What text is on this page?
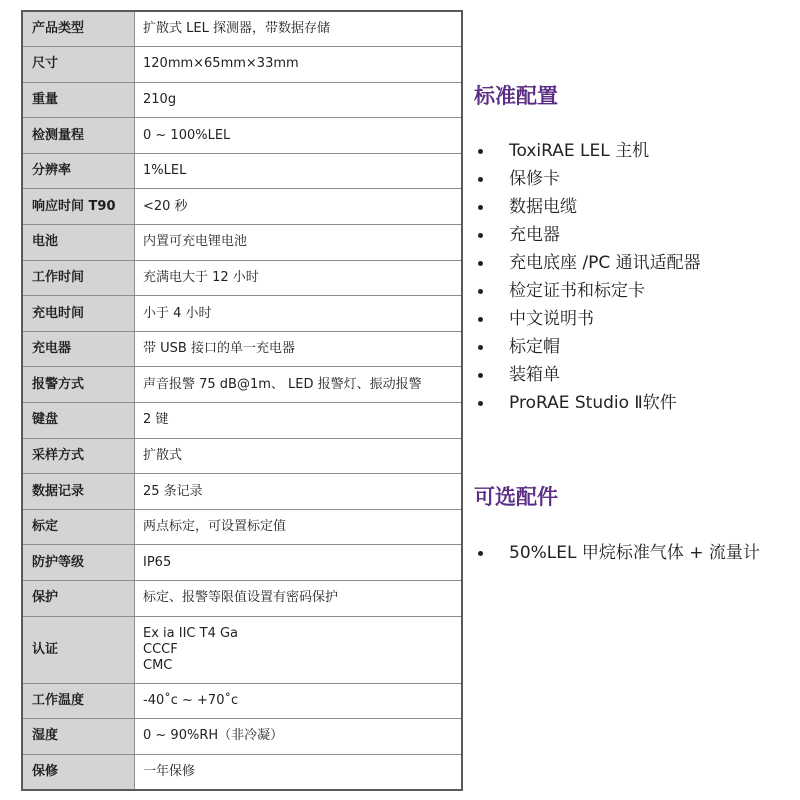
产品类型	扩散式 LEL 探测器，带数据存储

尺寸	120mm×65mm×33mm

重量	210g

检测量程	0 ~ 100%LEL

分辨率	1%LEL

响应时间 T90	<20 秒

电池	内置可充电锂电池

工作时间	充满电大于 12 小时

充电时间	小于 4 小时

充电器	带 USB 接口的单一充电器

报警方式	声音报警 75 dB@1m、 LED 报警灯、振动报警

键盘	2 键

采样方式	扩散式

数据记录	25 条记录

标定	两点标定，可设置标定值

防护等级	IP65

保护	标定、报警等限值设置有密码保护

认证	Ex ia IIC T4 Ga
CCCF
CMC

工作温度	-40˚c ~ +70˚c

湿度	0 ~ 90%RH（非冷凝）

保修	一年保修
标准配置
ToxiRAE LEL 主机
保修卡
数据电缆
充电器
充电底座 /PC 通讯适配器
检定证书和标定卡
中文说明书
标定帽
装箱单
ProRAE Studio Ⅱ软件
可选配件
50%LEL 甲烷标准气体 + 流量计
